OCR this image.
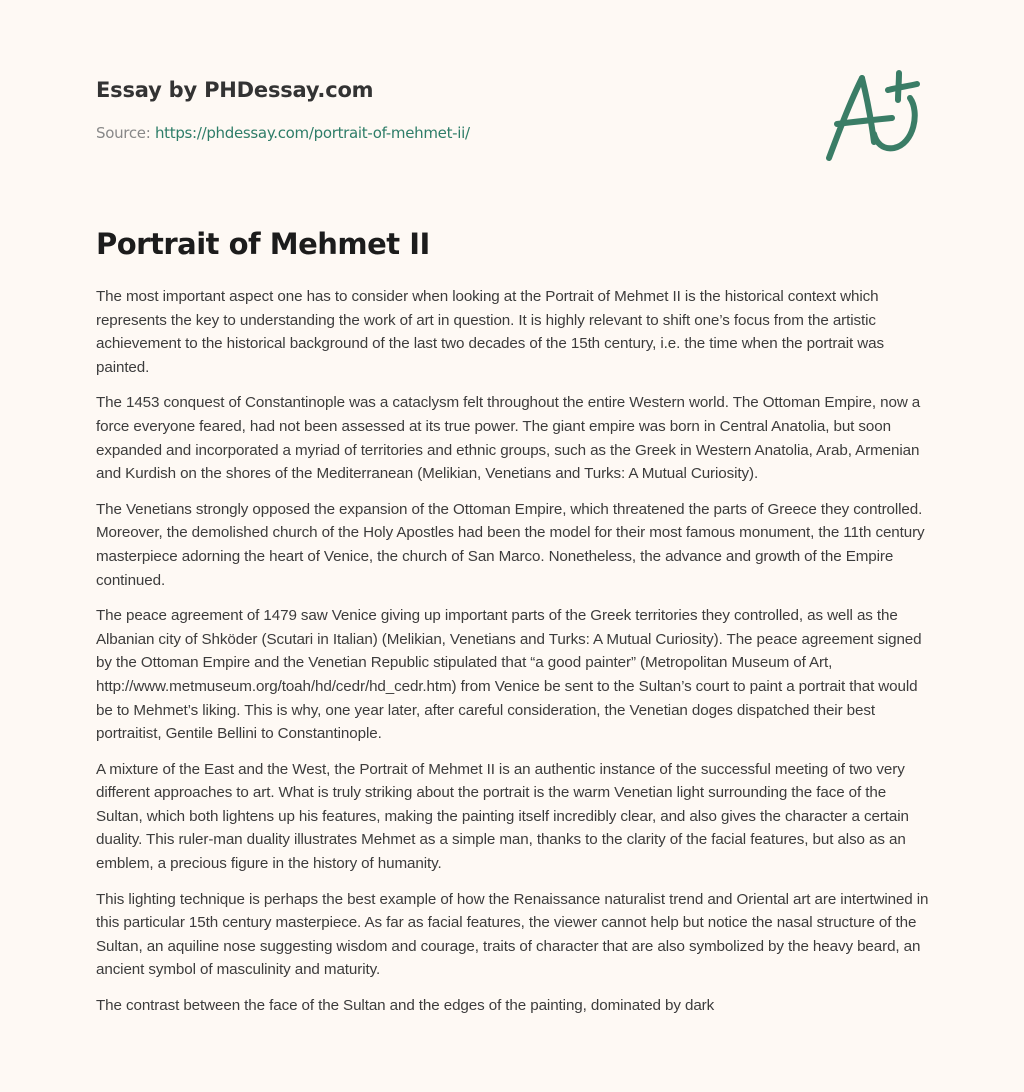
Essay by PHDessay.com
Source: https://phdessay.com/portrait-of-mehmet-ii/
Portrait of Mehmet II

The most important aspect one has to consider when looking at the Portrait of Mehmet II is the historical context which represents the key to understanding the work of art in question. It is highly relevant to shift one’s focus from the artistic achievement to the historical background of the last two decades of the 15th century, i.e. the time when the portrait was painted.

The 1453 conquest of Constantinople was a cataclysm felt throughout the entire Western world. The Ottoman Empire, now a force everyone feared, had not been assessed at its true power. The giant empire was born in Central Anatolia, but soon expanded and incorporated a myriad of territories and ethnic groups, such as the Greek in Western Anatolia, Arab, Armenian and Kurdish on the shores of the Mediterranean (Melikian, Venetians and Turks: A Mutual Curiosity).

The Venetians strongly opposed the expansion of the Ottoman Empire, which threatened the parts of Greece they controlled. Moreover, the demolished church of the Holy Apostles had been the model for their most famous monument, the 11th century masterpiece adorning the heart of Venice, the church of San Marco. Nonetheless, the advance and growth of the Empire continued.

The peace agreement of 1479 saw Venice giving up important parts of the Greek territories they controlled, as well as the Albanian city of Shköder (Scutari in Italian) (Melikian, Venetians and Turks: A Mutual Curiosity). The peace agreement signed by the Ottoman Empire and the Venetian Republic stipulated that “a good painter” (Metropolitan Museum of Art, http://www.metmuseum.org/toah/hd/cedr/hd_cedr.htm) from Venice be sent to the Sultan’s court to paint a portrait that would be to Mehmet’s liking. This is why, one year later, after careful consideration, the Venetian doges dispatched their best portraitist, Gentile Bellini to Constantinople.

A mixture of the East and the West, the Portrait of Mehmet II is an authentic instance of the successful meeting of two very different approaches to art. What is truly striking about the portrait is the warm Venetian light surrounding the face of the Sultan, which both lightens up his features, making the painting itself incredibly clear, and also gives the character a certain duality. This ruler-man duality illustrates Mehmet as a simple man, thanks to the clarity of the facial features, but also as an emblem, a precious figure in the history of humanity.

This lighting technique is perhaps the best example of how the Renaissance naturalist trend and Oriental art are intertwined in this particular 15th century masterpiece. As far as facial features, the viewer cannot help but notice the nasal structure of the Sultan, an aquiline nose suggesting wisdom and courage, traits of character that are also symbolized by the heavy beard, an ancient symbol of masculinity and maturity.

The contrast between the face of the Sultan and the edges of the painting, dominated by dark
